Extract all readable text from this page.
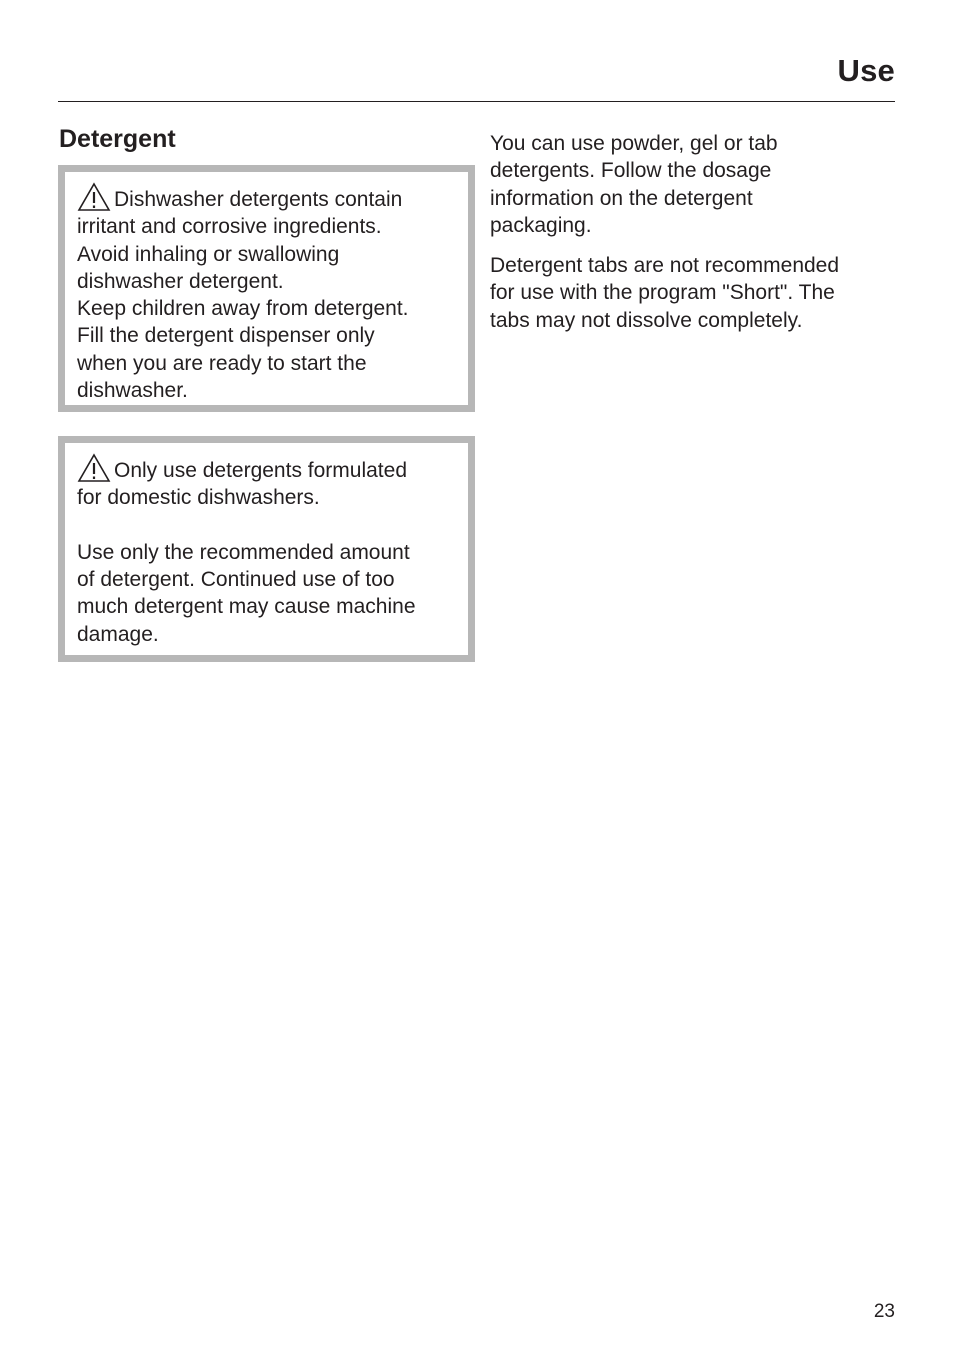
Use
Detergent

Dishwasher detergents contain
irritant and corrosive ingredients.
Avoid inhaling or swallowing
dishwasher detergent.
Keep children away from detergent.
Fill the detergent dispenser only
when you are ready to start the
dishwasher.

Only use detergents formulated
for domestic dishwashers.

Use only the recommended amount
of detergent. Continued use of too
much detergent may cause machine
damage.

You can use powder, gel or tab
detergents. Follow the dosage
information on the detergent
packaging.

Detergent tabs are not recommended
for use with the program "Short". The
tabs may not dissolve completely.

23
